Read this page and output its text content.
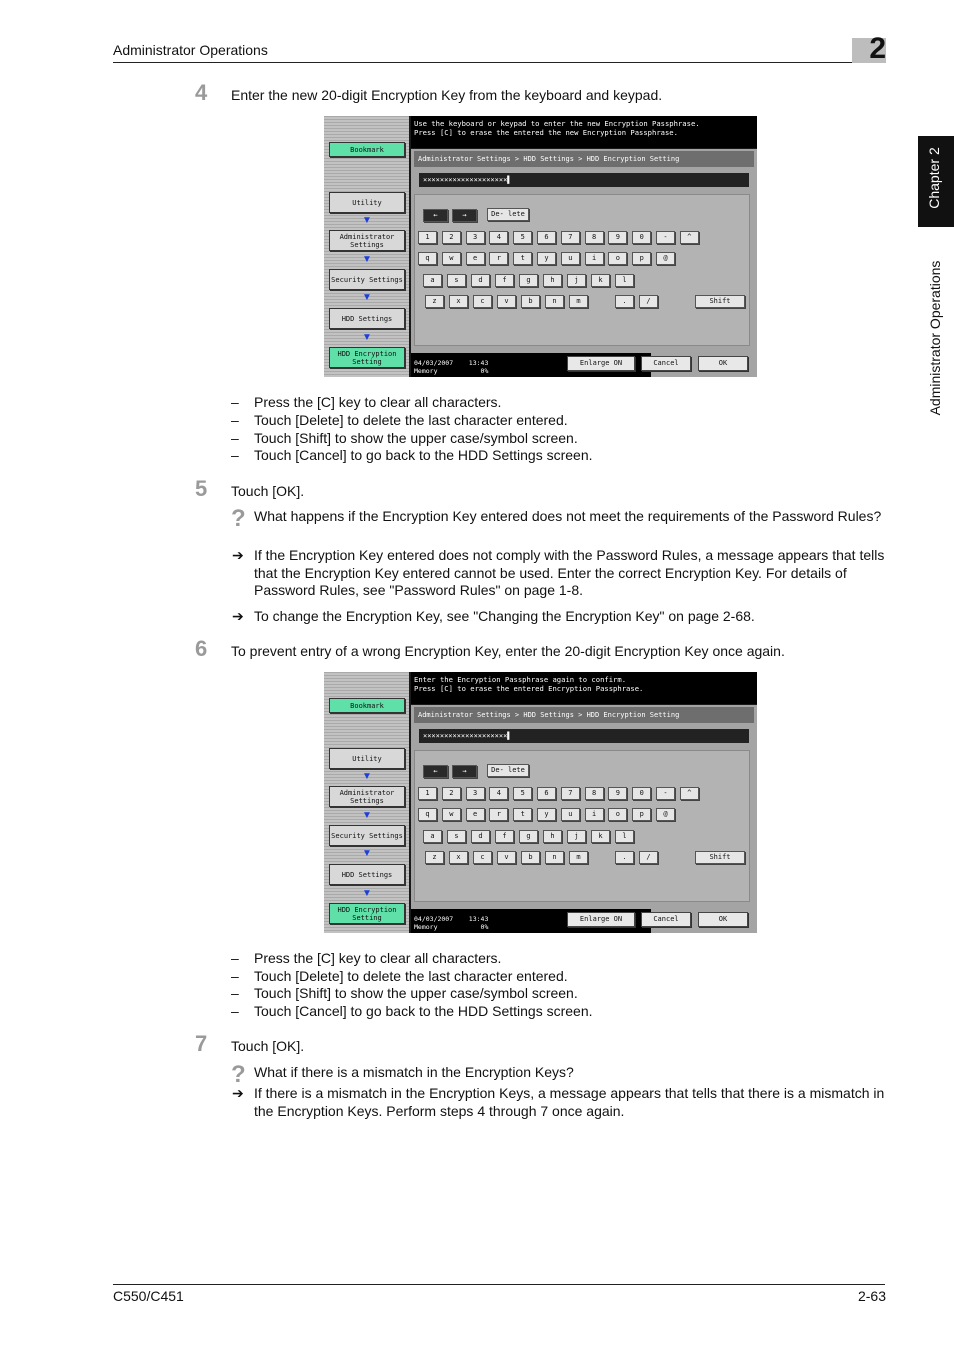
Administrator Operations	2
Chapter 2
Administrator Operations
4 Enter the new 20-digit Encryption Key from the keyboard and keypad.
Bookmark
Utility
▼
Administrator Settings
▼
Security Settings
▼
HDD Settings
▼
HDD Encryption Setting
Use the keyboard or keypad to enter the new Encryption Passphrase.
Press [C] to erase the entered the new Encryption Passphrase.
Administrator Settings > HDD Settings > HDD Encryption Setting
××××××××××××××××××××▌
←	→	De- lete
1	2	3	4	5	6	7	8	9	0	-	^
q	w	e	r	t	y	u	i	o	p	@
a	s	d	f	g	h	j	k	l
z	x	c	v	b	n	m	.	/	Shift
04/03/2007    13:43
Memory           0%
Enlarge ON	Cancel	OK
– Press the [C] key to clear all characters.
– Touch [Delete] to delete the last character entered.
– Touch [Shift] to show the upper case/symbol screen.
– Touch [Cancel] to go back to the HDD Settings screen.
5 Touch [OK].
? What happens if the Encryption Key entered does not meet the requirements of the Password Rules?
➔ If the Encryption Key entered does not comply with the Password Rules, a message appears that tells that the Encryption Key entered cannot be used. Enter the correct Encryption Key. For details of Password Rules, see "Password Rules" on page 1-8.
➔ To change the Encryption Key, see "Changing the Encryption Key" on page 2-68.
6 To prevent entry of a wrong Encryption Key, enter the 20-digit Encryption Key once again.
Bookmark
Utility
▼
Administrator Settings
▼
Security Settings
▼
HDD Settings
▼
HDD Encryption Setting
Enter the Encryption Passphrase again to confirm.
Press [C] to erase the entered Encryption Passphrase.
Administrator Settings > HDD Settings > HDD Encryption Setting
××××××××××××××××××××▌
←	→	De- lete
1	2	3	4	5	6	7	8	9	0	-	^
q	w	e	r	t	y	u	i	o	p	@
a	s	d	f	g	h	j	k	l
z	x	c	v	b	n	m	.	/	Shift
04/03/2007    13:43
Memory           0%
Enlarge ON	Cancel	OK
– Press the [C] key to clear all characters.
– Touch [Delete] to delete the last character entered.
– Touch [Shift] to show the upper case/symbol screen.
– Touch [Cancel] to go back to the HDD Settings screen.
7 Touch [OK].
? What if there is a mismatch in the Encryption Keys?
➔ If there is a mismatch in the Encryption Keys, a message appears that tells that there is a mismatch in the Encryption Keys. Perform steps 4 through 7 once again.
C550/C451	2-63
